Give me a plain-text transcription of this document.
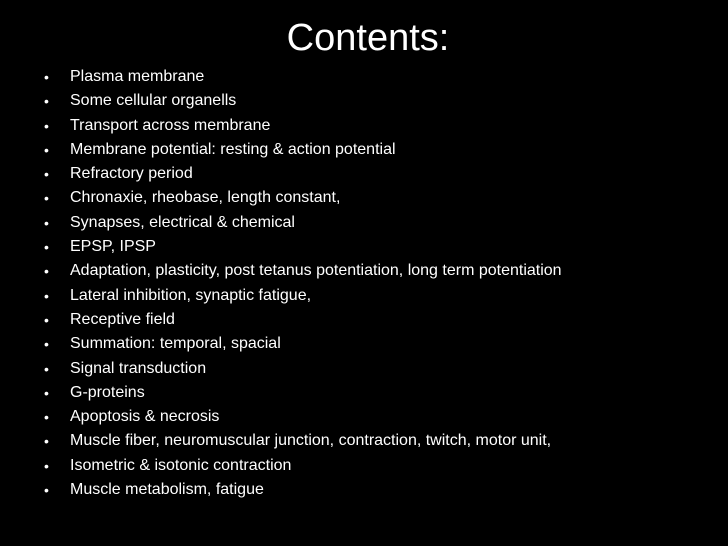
Contents:
• Plasma membrane
• Some cellular organells
• Transport across membrane
• Membrane potential: resting & action potential
• Refractory period
• Chronaxie, rheobase, length constant,
• Synapses, electrical & chemical
• EPSP, IPSP
• Adaptation, plasticity, post tetanus potentiation, long term potentiation
• Lateral inhibition, synaptic fatigue,
• Receptive field
• Summation: temporal, spacial
• Signal transduction
• G-proteins
• Apoptosis & necrosis
• Muscle fiber, neuromuscular junction, contraction, twitch, motor unit,
• Isometric & isotonic contraction
• Muscle metabolism, fatigue
